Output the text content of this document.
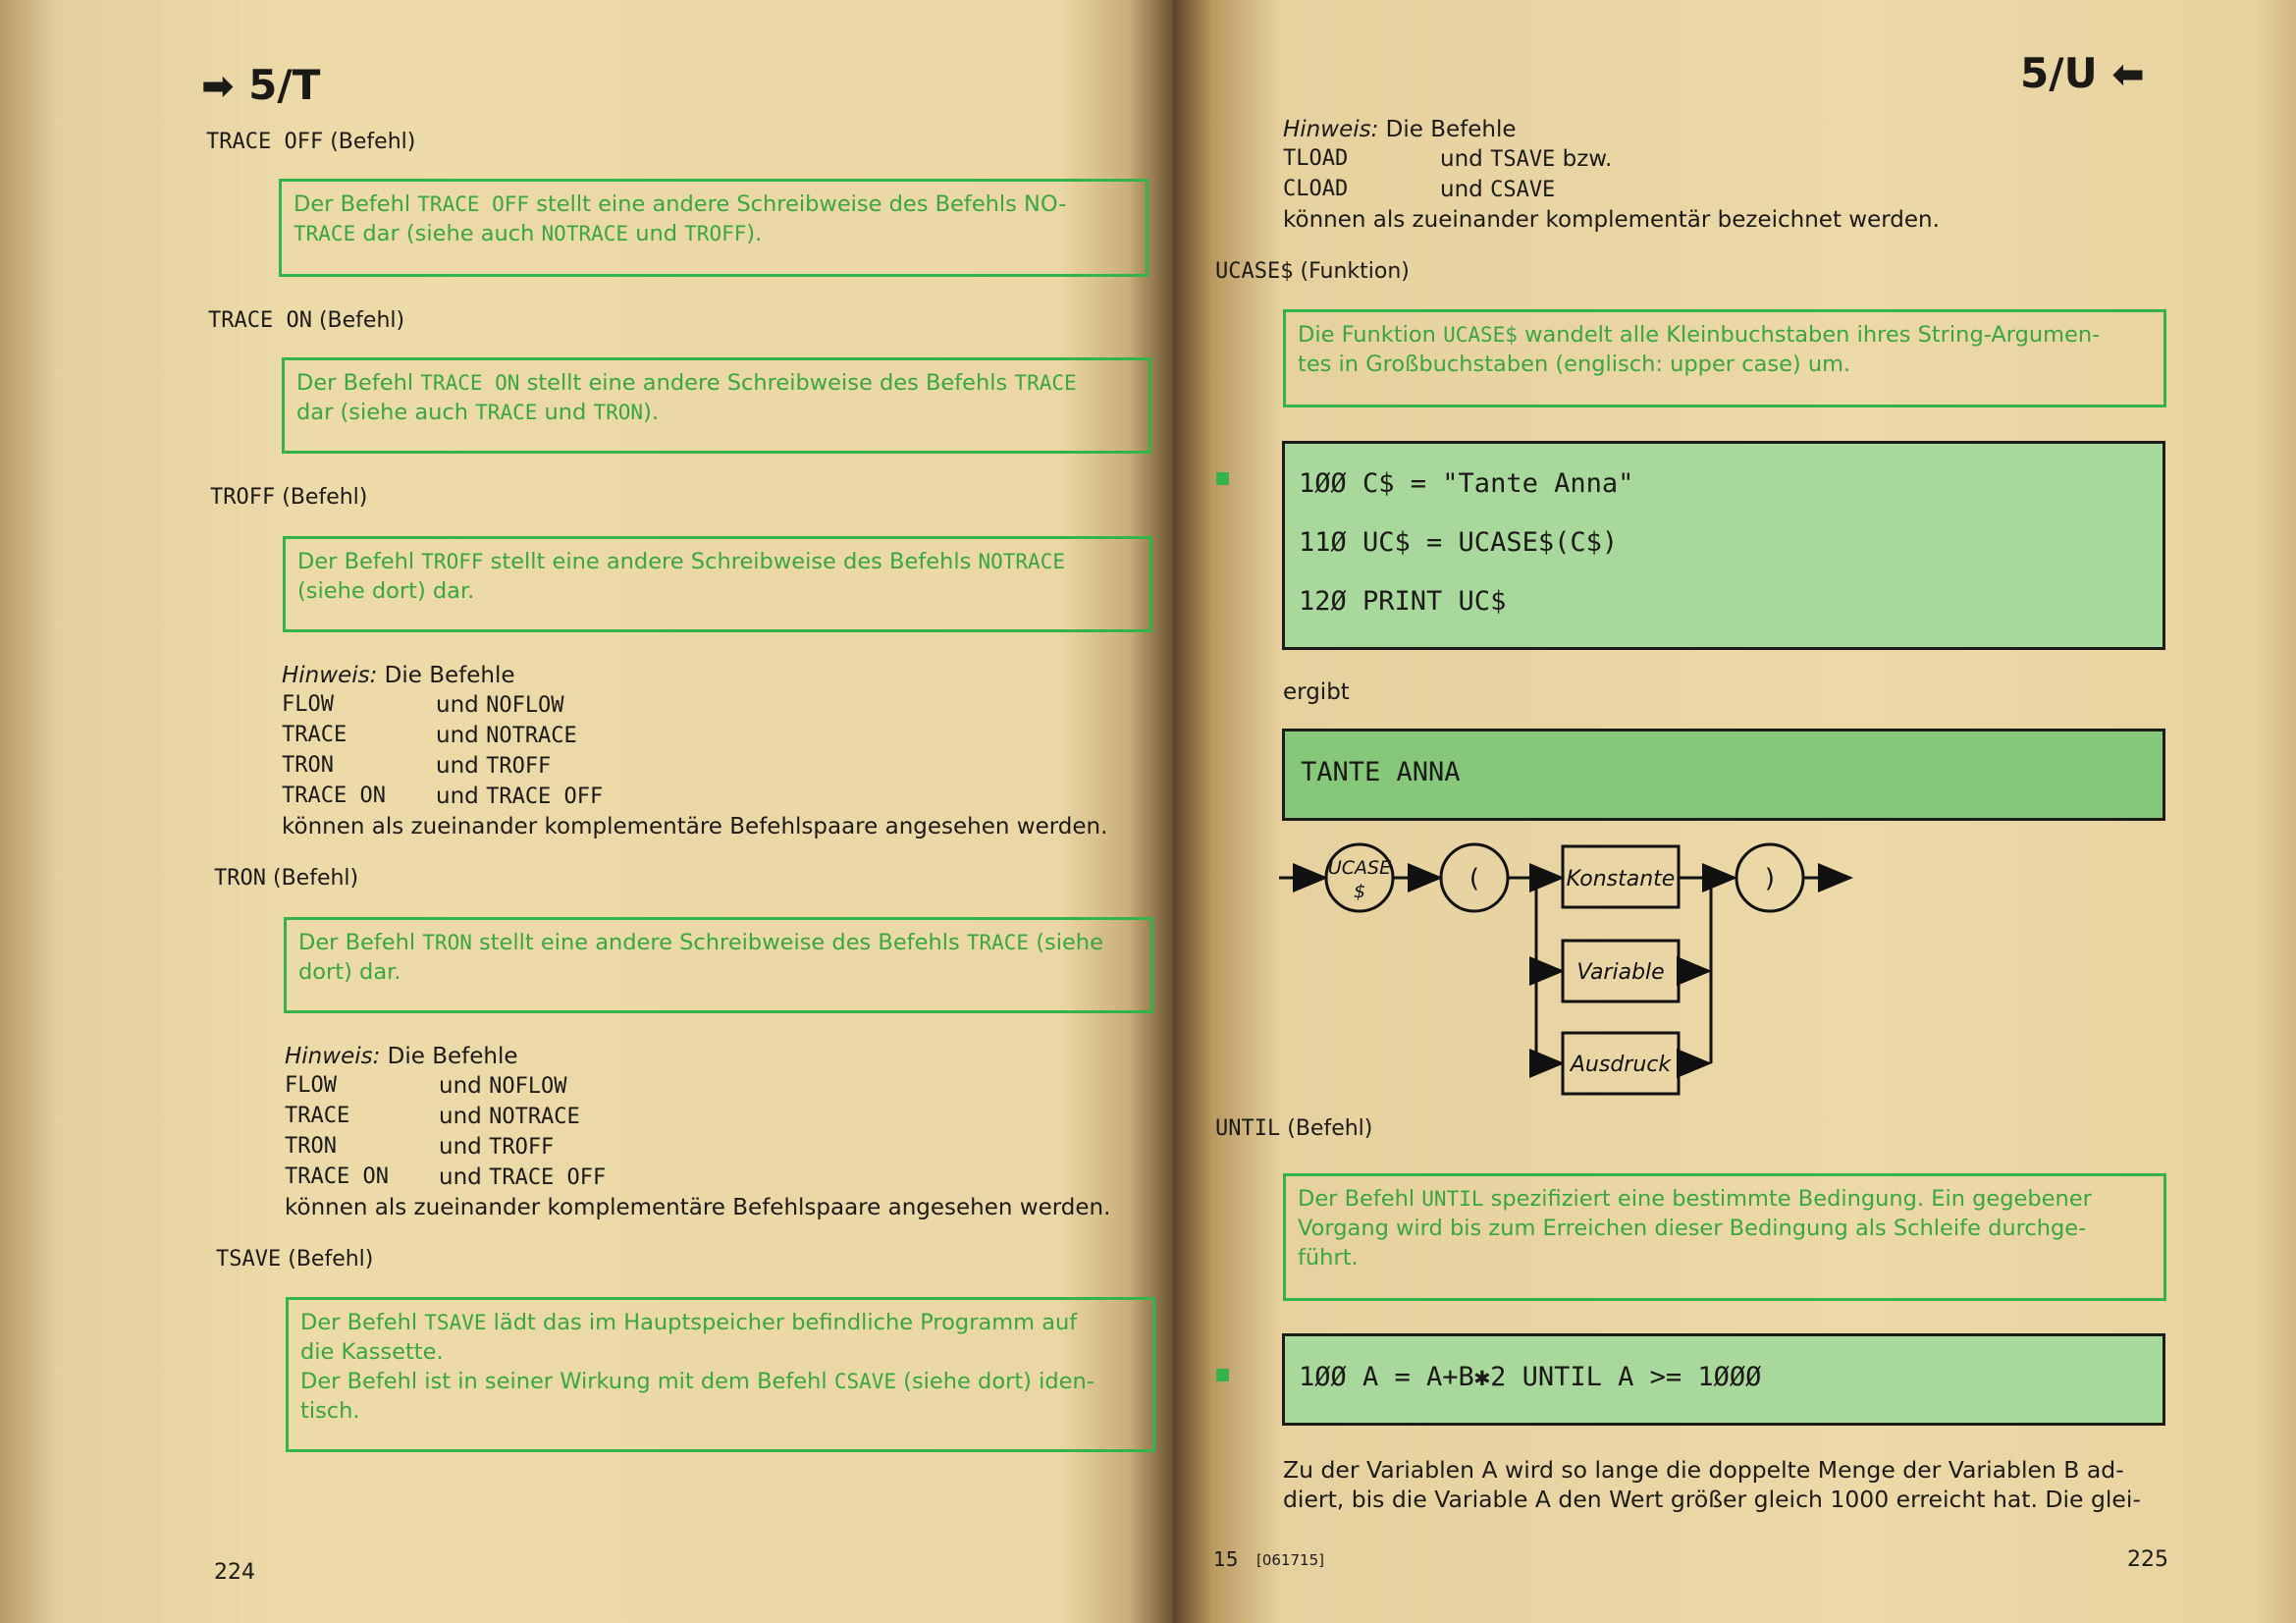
➡ 5/T
TRACE OFF (Befehl)
Der Befehl TRACE OFF stellt eine andere Schreibweise des Befehls NO-
TRACE dar (siehe auch NOTRACE und TROFF).
TRACE ON (Befehl)
Der Befehl TRACE ON stellt eine andere Schreibweise des Befehls TRACE
dar (siehe auch TRACE und TRON).
TROFF (Befehl)
Der Befehl TROFF stellt eine andere Schreibweise des Befehls NOTRACE
(siehe dort) dar.
Hinweis: Die Befehle
FLOW	und NOFLOW
TRACE	und NOTRACE
TRON	und TROFF
TRACE ON	und TRACE OFF
können als zueinander komplementäre Befehlspaare angesehen werden.
TRON (Befehl)
Der Befehl TRON stellt eine andere Schreibweise des Befehls TRACE (siehe
dort) dar.
Hinweis: Die Befehle
FLOW	und NOFLOW
TRACE	und NOTRACE
TRON	und TROFF
TRACE ON	und TRACE OFF
können als zueinander komplementäre Befehlspaare angesehen werden.
TSAVE (Befehl)
Der Befehl TSAVE lädt das im Hauptspeicher befindliche Programm auf
die Kassette.
Der Befehl ist in seiner Wirkung mit dem Befehl CSAVE (siehe dort) iden-
tisch.
224
5/U ⬅
Hinweis: Die Befehle
TLOAD	und TSAVE bzw.
CLOAD	und CSAVE
können als zueinander komplementär bezeichnet werden.
UCASE$ (Funktion)
Die Funktion UCASE$ wandelt alle Kleinbuchstaben ihres String-Argumen-
tes in Großbuchstaben (englisch: upper case) um.
1ØØ C$ = "Tante Anna"
11Ø UC$ = UCASE$(C$)
12Ø PRINT UC$
ergibt
TANTE ANNA
UCASE
$	(	Konstante
Variable
Ausdruck
)
UNTIL (Befehl)
Der Befehl UNTIL spezifiziert eine bestimmte Bedingung. Ein gegebener
Vorgang wird bis zum Erreichen dieser Bedingung als Schleife durchge-
führt.
1ØØ A = A+B✱2 UNTIL A >= 1ØØØ
Zu der Variablen A wird so lange die doppelte Menge der Variablen B ad-
diert, bis die Variable A den Wert größer gleich 1000 erreicht hat. Die glei-
15 [061715]	225
